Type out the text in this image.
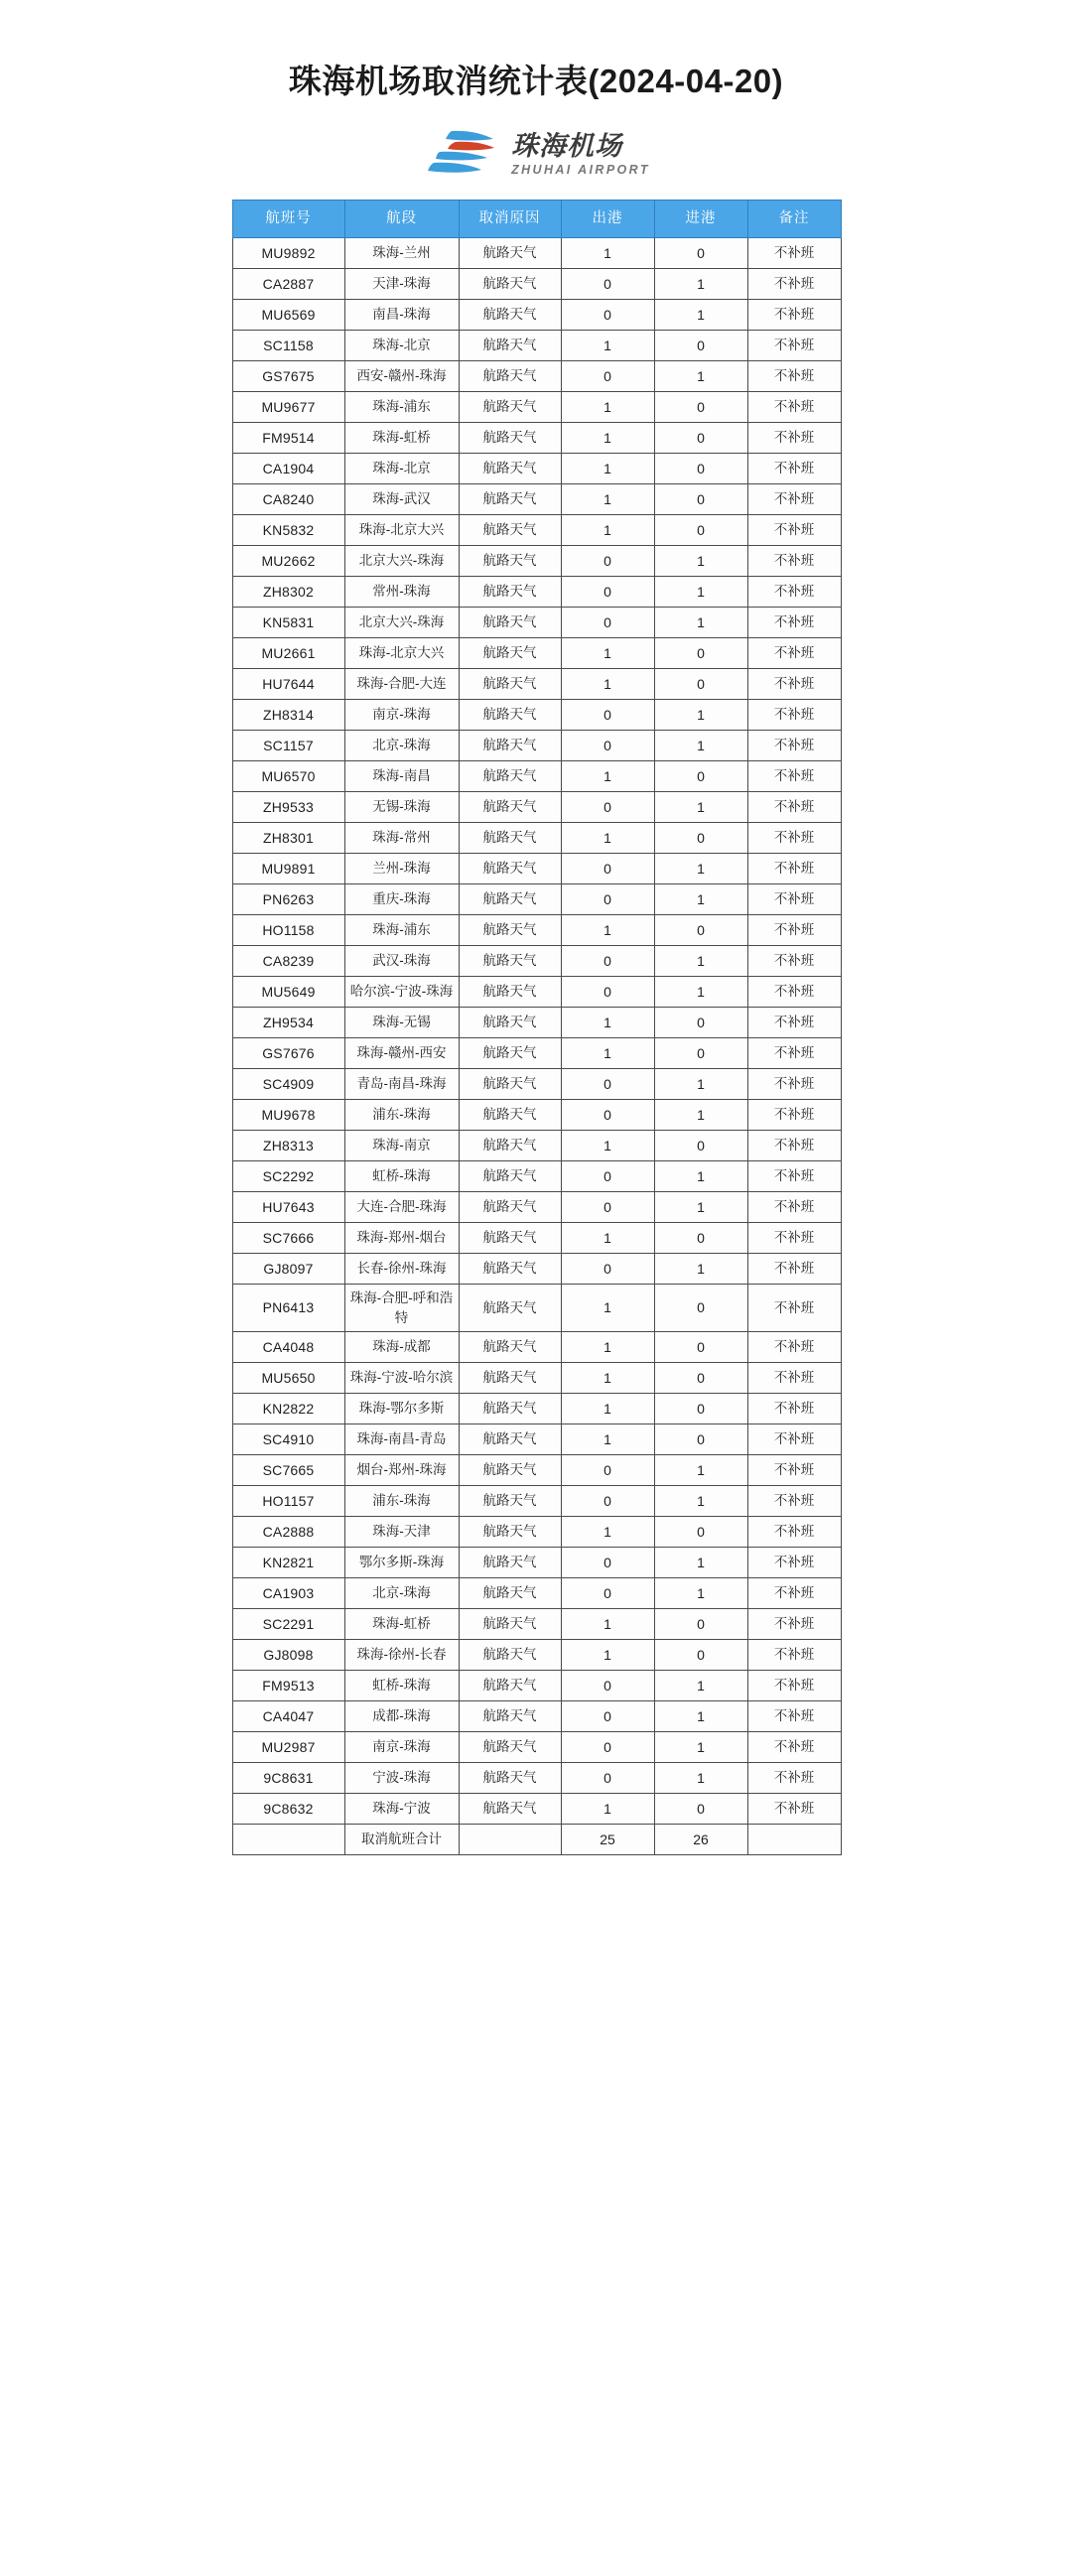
珠海机场取消统计表(2024-04-20)
珠海机场
ZHUHAI AIRPORT
航班号	航段	取消原因	出港	进港	备注
MU9892	珠海-兰州	航路天气	1	0	不补班
CA2887	天津-珠海	航路天气	0	1	不补班
MU6569	南昌-珠海	航路天气	0	1	不补班
SC1158	珠海-北京	航路天气	1	0	不补班
GS7675	西安-赣州-珠海	航路天气	0	1	不补班
MU9677	珠海-浦东	航路天气	1	0	不补班
FM9514	珠海-虹桥	航路天气	1	0	不补班
CA1904	珠海-北京	航路天气	1	0	不补班
CA8240	珠海-武汉	航路天气	1	0	不补班
KN5832	珠海-北京大兴	航路天气	1	0	不补班
MU2662	北京大兴-珠海	航路天气	0	1	不补班
ZH8302	常州-珠海	航路天气	0	1	不补班
KN5831	北京大兴-珠海	航路天气	0	1	不补班
MU2661	珠海-北京大兴	航路天气	1	0	不补班
HU7644	珠海-合肥-大连	航路天气	1	0	不补班
ZH8314	南京-珠海	航路天气	0	1	不补班
SC1157	北京-珠海	航路天气	0	1	不补班
MU6570	珠海-南昌	航路天气	1	0	不补班
ZH9533	无锡-珠海	航路天气	0	1	不补班
ZH8301	珠海-常州	航路天气	1	0	不补班
MU9891	兰州-珠海	航路天气	0	1	不补班
PN6263	重庆-珠海	航路天气	0	1	不补班
HO1158	珠海-浦东	航路天气	1	0	不补班
CA8239	武汉-珠海	航路天气	0	1	不补班
MU5649	哈尔滨-宁波-珠海	航路天气	0	1	不补班
ZH9534	珠海-无锡	航路天气	1	0	不补班
GS7676	珠海-赣州-西安	航路天气	1	0	不补班
SC4909	青岛-南昌-珠海	航路天气	0	1	不补班
MU9678	浦东-珠海	航路天气	0	1	不补班
ZH8313	珠海-南京	航路天气	1	0	不补班
SC2292	虹桥-珠海	航路天气	0	1	不补班
HU7643	大连-合肥-珠海	航路天气	0	1	不补班
SC7666	珠海-郑州-烟台	航路天气	1	0	不补班
GJ8097	长春-徐州-珠海	航路天气	0	1	不补班
PN6413	珠海-合肥-呼和浩特	航路天气	1	0	不补班
CA4048	珠海-成都	航路天气	1	0	不补班
MU5650	珠海-宁波-哈尔滨	航路天气	1	0	不补班
KN2822	珠海-鄂尔多斯	航路天气	1	0	不补班
SC4910	珠海-南昌-青岛	航路天气	1	0	不补班
SC7665	烟台-郑州-珠海	航路天气	0	1	不补班
HO1157	浦东-珠海	航路天气	0	1	不补班
CA2888	珠海-天津	航路天气	1	0	不补班
KN2821	鄂尔多斯-珠海	航路天气	0	1	不补班
CA1903	北京-珠海	航路天气	0	1	不补班
SC2291	珠海-虹桥	航路天气	1	0	不补班
GJ8098	珠海-徐州-长春	航路天气	1	0	不补班
FM9513	虹桥-珠海	航路天气	0	1	不补班
CA4047	成都-珠海	航路天气	0	1	不补班
MU2987	南京-珠海	航路天气	0	1	不补班
9C8631	宁波-珠海	航路天气	0	1	不补班
9C8632	珠海-宁波	航路天气	1	0	不补班
	取消航班合计		25	26	
